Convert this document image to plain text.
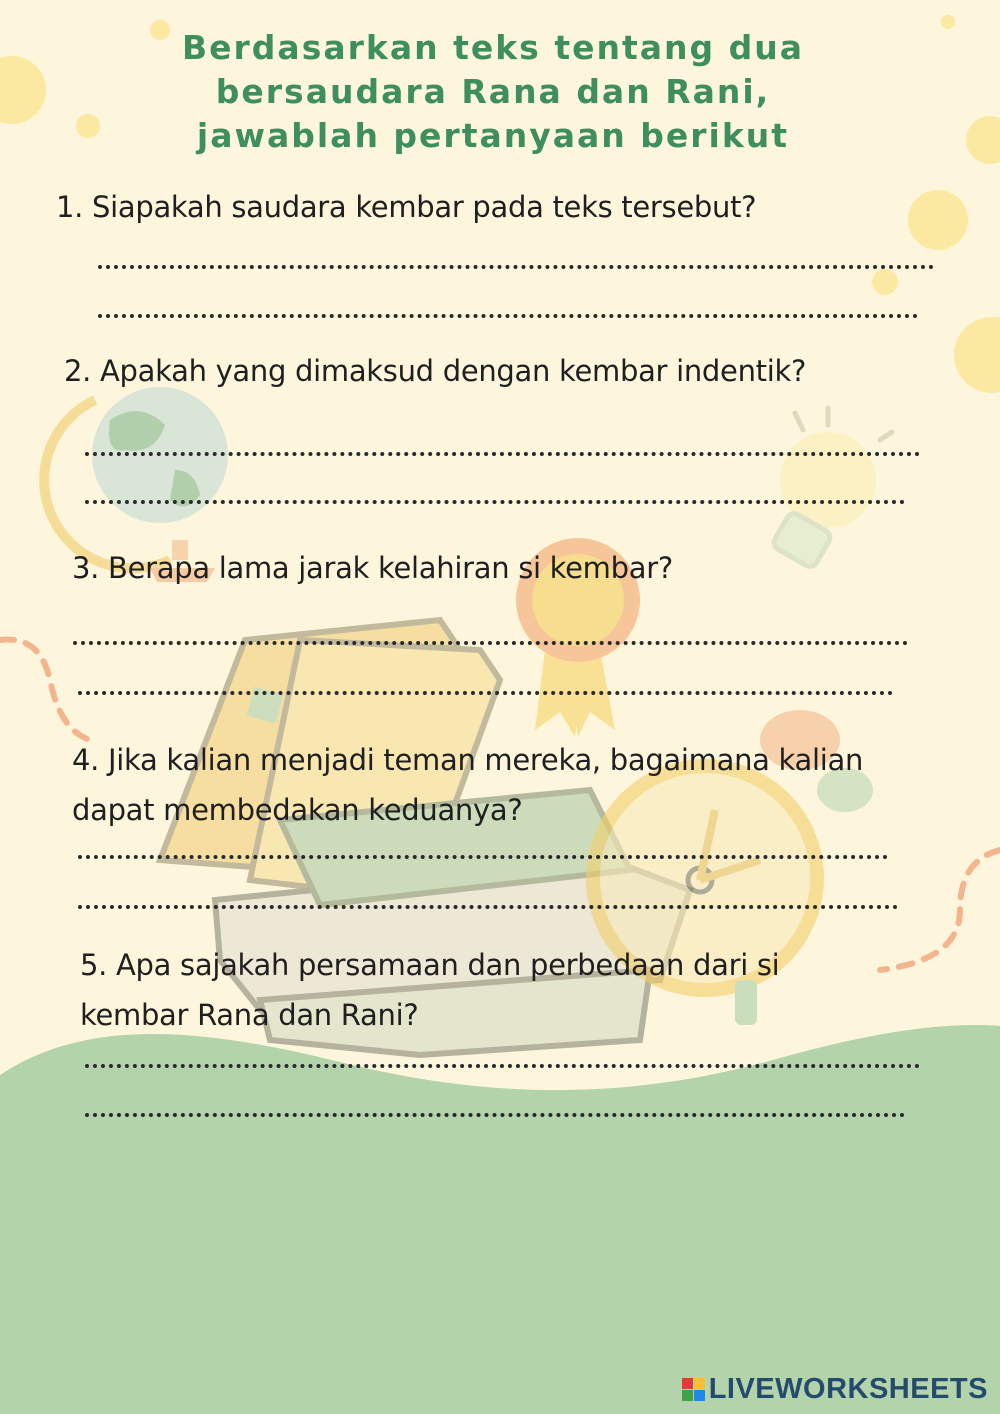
Berdasarkan teks tentang dua
bersaudara Rana dan Rani,
jawablah pertanyaan berikut
1. Siapakah saudara kembar pada teks tersebut?
2. Apakah yang dimaksud dengan kembar indentik?
3. Berapa lama jarak kelahiran si kembar?
4. Jika kalian menjadi teman mereka, bagaimana kalian
dapat membedakan keduanya?
5. Apa sajakah persamaan dan perbedaan dari si
kembar Rana dan Rani?
LIVEWORKSHEETS
